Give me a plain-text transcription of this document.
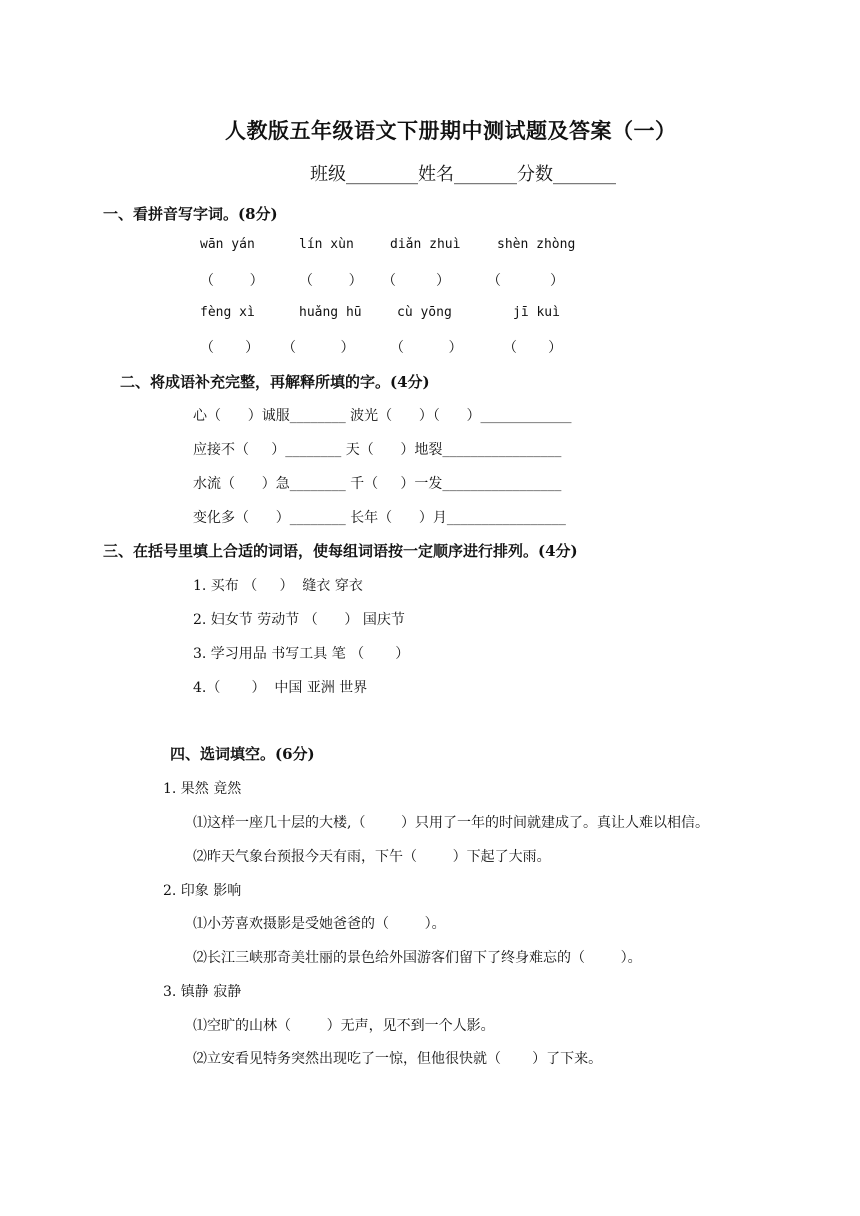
人教版五年级语文下册期中测试题及答案（一）
班级________姓名_______分数_______
一、看拼音写字词。(8分)
wān yán	lín xùn	diǎn zhuì	shèn zhòng
（        ）	（        ） （         ）	（           ）
fèng xì	huǎng hū	cù yōng	jī kuì
（       ） （          ）	（          ）	（       ）
二、将成语补充完整，再解释所填的字。(4分)
心（      ）诚服________ 波光（      ）（      ）_____________
应接不（     ）________ 天（      ）地裂_________________
水流（      ）急________ 千（     ）一发_________________
变化多（      ）________ 长年（      ）月_________________
三、在括号里填上合适的词语，使每组词语按一定顺序进行排列。(4分)
1. 买布 （     ）  缝衣 穿衣
2. 妇女节 劳动节 （      ） 国庆节
3. 学习用品 书写工具 笔 （       ）
4.（       ）  中国 亚洲 世界
四、选词填空。(6分)
1. 果然 竟然
⑴这样一座几十层的大楼,（        ）只用了一年的时间就建成了。真让人难以相信。
⑵昨天气象台预报今天有雨，下午（        ）下起了大雨。
2. 印象 影响
⑴小芳喜欢摄影是受她爸爸的（        ）。
⑵长江三峡那奇美壮丽的景色给外国游客们留下了终身难忘的（        ）。
3. 镇静 寂静
⑴空旷的山林（        ）无声，见不到一个人影。
⑵立安看见特务突然出现吃了一惊，但他很快就（       ）了下来。
